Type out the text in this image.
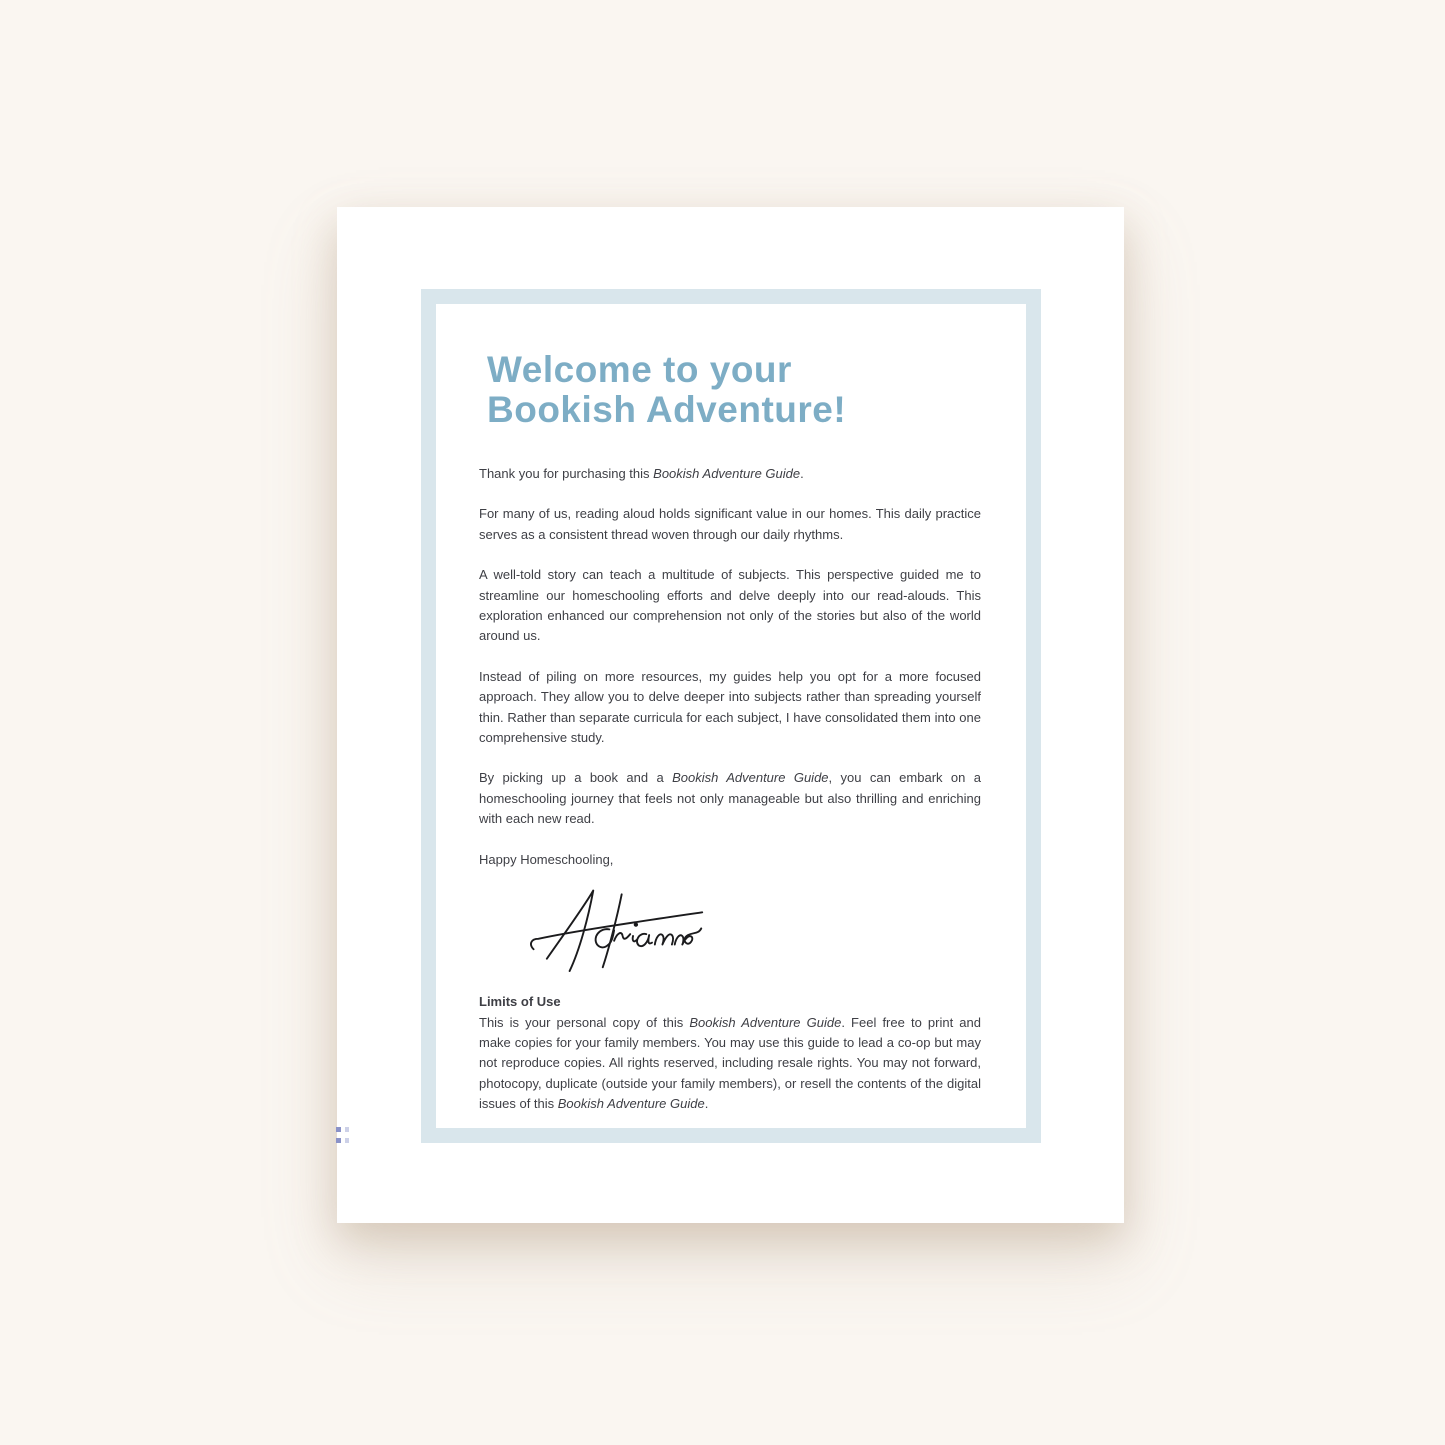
Welcome to your
Bookish Adventure!

Thank you for purchasing this Bookish Adventure Guide.

For many of us, reading aloud holds significant value in our homes. This daily practice serves as a consistent thread woven through our daily rhythms.

A well-told story can teach a multitude of subjects. This perspective guided me to streamline our homeschooling efforts and delve deeply into our read-alouds. This exploration enhanced our comprehension not only of the stories but also of the world around us.

Instead of piling on more resources, my guides help you opt for a more focused approach. They allow you to delve deeper into subjects rather than spreading yourself thin. Rather than separate curricula for each subject, I have consolidated them into one comprehensive study.

By picking up a book and a Bookish Adventure Guide, you can embark on a homeschooling journey that feels not only manageable but also thrilling and enriching with each new read.

Happy Homeschooling,

Limits of Use

This is your personal copy of this Bookish Adventure Guide. Feel free to print and make copies for your family members. You may use this guide to lead a co-op but may not reproduce copies. All rights reserved, including resale rights. You may not forward, photocopy, duplicate (outside your family members), or resell the contents of the digital issues of this Bookish Adventure Guide.
